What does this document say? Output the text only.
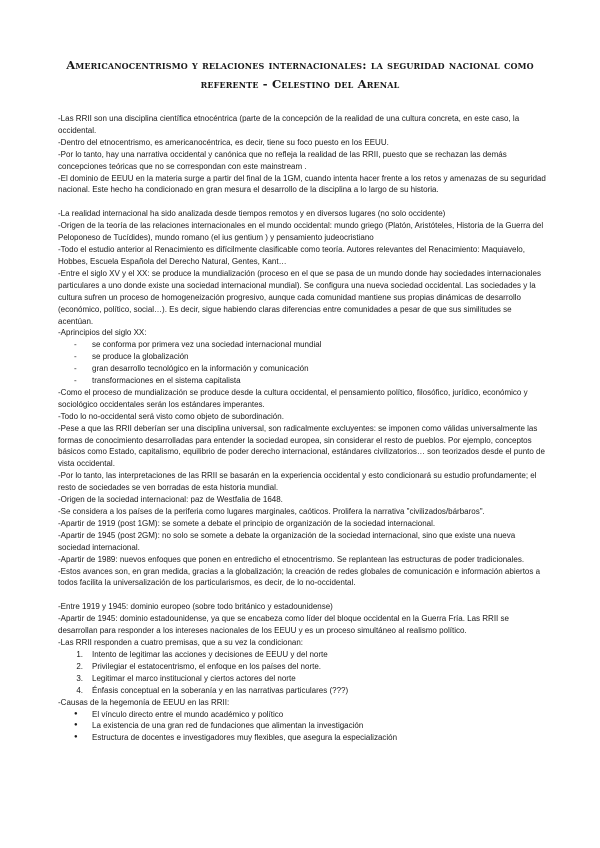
Americanocentrismo y relaciones internacionales: la seguridad nacional como referente - Celestino del Arenal

-Las RRII son una disciplina científica etnocéntrica (parte de la concepción de la realidad de una cultura concreta, en este caso, la occidental.

-Dentro del etnocentrismo, es americanocéntrica, es decir, tiene su foco puesto en los EEUU.

-Por lo tanto, hay una narrativa occidental y canónica que no refleja la realidad de las RRII, puesto que se rechazan las demás concepciones teóricas que no se correspondan con este mainstream .

-El dominio de EEUU en la materia surge a partir del final de la 1GM, cuando intenta hacer frente a los retos y amenazas de su seguridad nacional. Este hecho ha condicionado en gran mesura el desarrollo de la disciplina a lo largo de su historia.

-La realidad internacional ha sido analizada desde tiempos remotos y en diversos lugares (no solo occidente)

-Origen de la teoría de las relaciones internacionales en el mundo occidental: mundo griego (Platón, Aristóteles, Historia de la Guerra del Peloponeso de Tucídides), mundo romano (el ius gentium ) y pensamiento judeocristiano

-Todo el estudio anterior al Renacimiento es difícilmente clasificable como teoría. Autores relevantes del Renacimiento: Maquiavelo, Hobbes, Escuela Española del Derecho Natural, Gentes, Kant…

-Entre el siglo XV y el XX: se produce la mundialización (proceso en el que se pasa de un mundo donde hay sociedades internacionales particulares a uno donde existe una sociedad internacional mundial). Se configura una nueva sociedad occidental. Las sociedades y la cultura sufren un proceso de homogeneización progresivo, aunque cada comunidad mantiene sus propias dinámicas de desarrollo (económico, político, social…). Es decir, sigue habiendo claras diferencias entre comunidades a pesar de que sus similitudes se acentúan.

-Aprincipios del siglo XX:

-	se conforma por primera vez una sociedad internacional mundial
-	se produce la globalización
-	gran desarrollo tecnológico en la información y comunicación
-	transformaciones en el sistema capitalista

-Como el proceso de mundialización se produce desde la cultura occidental, el pensamiento político, filosófico, jurídico, económico y sociológico occidentales serán los estándares imperantes.

-Todo lo no-occidental será visto como objeto de subordinación.

-Pese a que las RRII deberían ser una disciplina universal, son radicalmente excluyentes: se imponen como válidas universalmente las formas de conocimiento desarrolladas para entender la sociedad europea, sin considerar el resto de pueblos. Por ejemplo, conceptos básicos como Estado, capitalismo, equilibrio de poder derecho internacional, estándares civilizatorios… son teorizados desde el punto de vista occidental.

-Por lo tanto, las interpretaciones de las RRII se basarán en la experiencia occidental y esto condicionará su estudio profundamente; el resto de sociedades se ven borradas de esta historia mundial.

-Origen de la sociedad internacional: paz de Westfalia de 1648.

-Se considera a los países de la periferia como lugares marginales, caóticos. Prolifera la narrativa "civilizados/bárbaros".

-Apartir de 1919 (post 1GM): se somete a debate el principio de organización de la sociedad internacional.

-Apartir de 1945 (post 2GM): no solo se somete a debate la organización de la sociedad internacional, sino que existe una nueva sociedad internacional.

-Apartir de 1989: nuevos enfoques que ponen en entredicho el etnocentrismo. Se replantean las estructuras de poder tradicionales.

-Estos avances son, en gran medida, gracias a la globalización; la creación de redes globales de comunicación e información abiertos a todos facilita la universalización de los particularismos, es decir, de lo no-occidental.

-Entre 1919 y 1945: dominio europeo (sobre todo británico y estadounidense)

-Apartir de 1945: dominio estadounidense, ya que se encabeza como líder del bloque occidental en la Guerra Fría. Las RRII se desarrollan para responder a los intereses nacionales de los EEUU y es un proceso simultáneo al realismo político.

-Las RRII responden a cuatro premisas, que a su vez la condicionan:

1. Intento de legitimar las acciones y decisiones de EEUU y del norte
2. Privilegiar el estatocentrismo, el enfoque en los países del norte.
3. Legitimar el marco institucional y ciertos actores del norte
4. Énfasis conceptual en la soberanía y en las narrativas particulares (???)

-Causas de la hegemonía de EEUU en las RRII:

●	El vínculo directo entre el mundo académico y político
●	La existencia de una gran red de fundaciones que alimentan la investigación
●	Estructura de docentes e investigadores muy flexibles, que asegura la especialización
